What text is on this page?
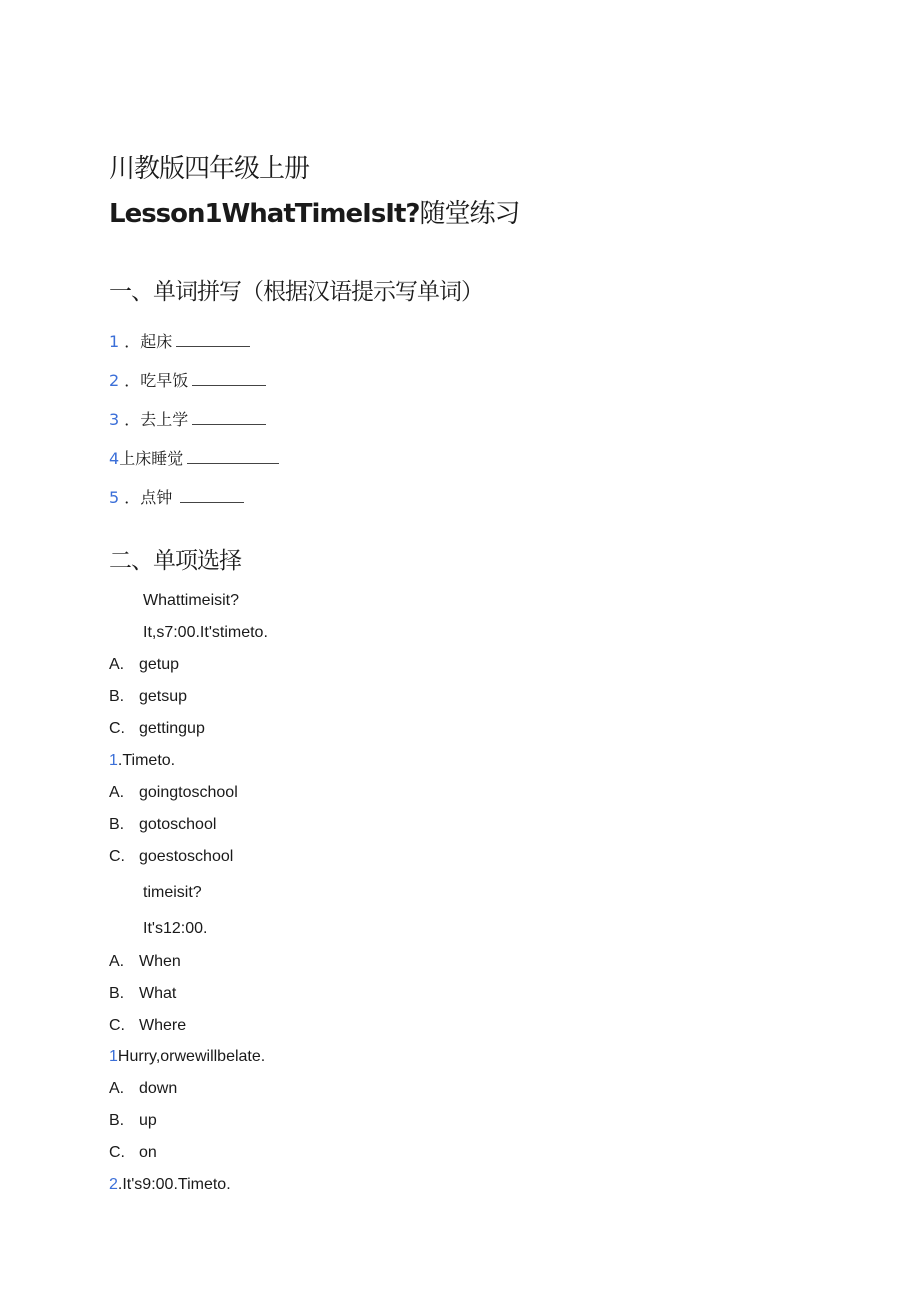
川教版四年级上册
Lesson1WhatTimeIsIt?随堂练习
一、单词拼写（根据汉语提示写单词）
1 ．起床
2 ．吃早饭
3 ．去上学
4上床睡觉
5 ．点钟
二、单项选择
Whattimeisit?
It,s7:00.It'stimeto.
A. getup
B. getsup
C. gettingup
1.Timeto.
A. goingtoschool
B. gotoschool
C. goestoschool
timeisit?
It's12:00.
A. When
B. What
C. Where
1Hurry,orwewillbelate.
A. down
B. up
C. on
2.It's9:00.Timeto.
